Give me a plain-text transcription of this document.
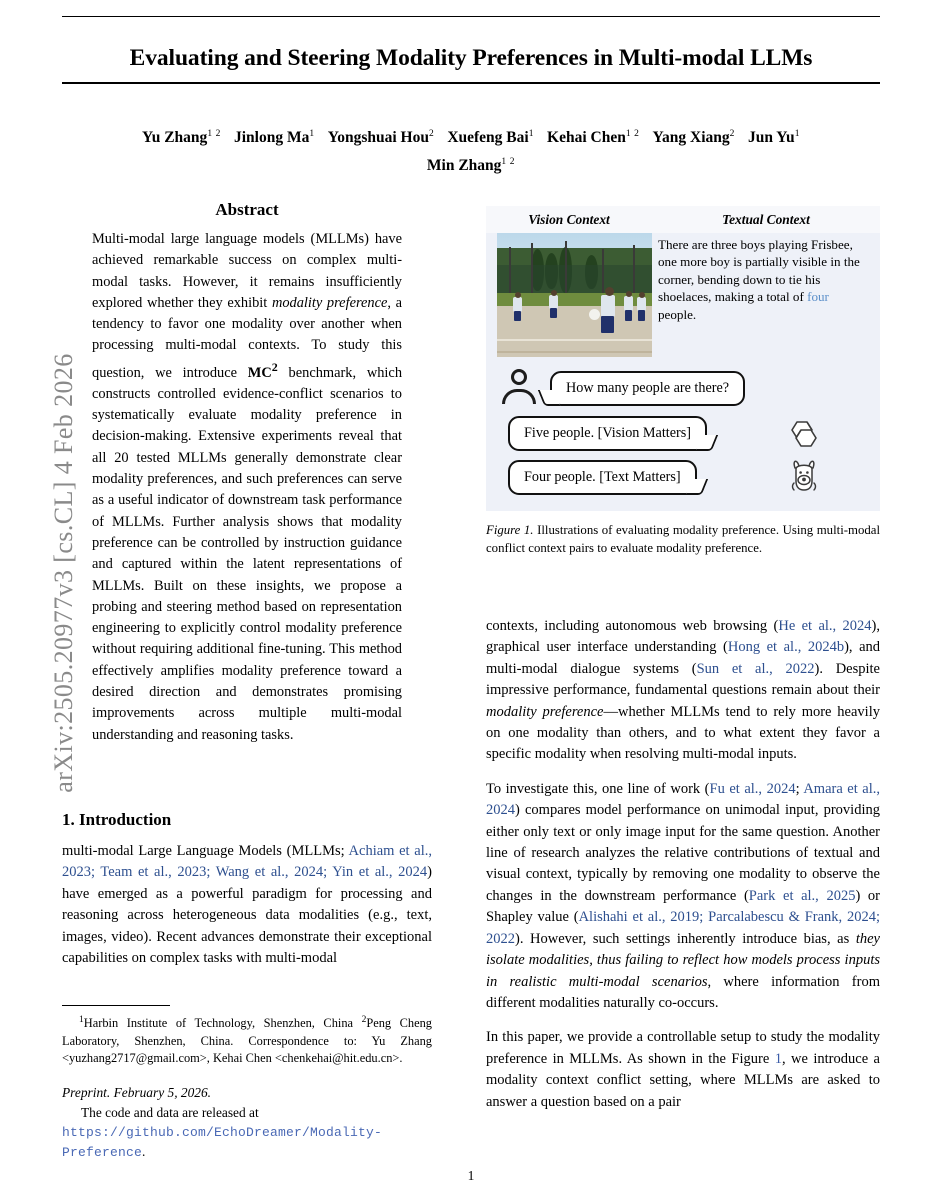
arXiv:2505.20977v3 [cs.CL] 4 Feb 2026
Evaluating and Steering Modality Preferences in Multi-modal LLMs
Yu Zhang$^{1 2}$ Jinlong Ma$^1$ Yongshuai Hou$^2$ Xuefeng Bai$^1$ Kehai Chen$^{1 2}$ Yang Xiang$^2$ Jun Yu$^1$
Min Zhang$^{1 2}$
Abstract
Multi-modal large language models (MLLMs) have achieved remarkable success on complex multi-modal tasks. However, it remains insufficiently explored whether they exhibit modality preference, a tendency to favor one modality over another when processing multi-modal contexts. To study this question, we introduce $MC^2$ benchmark, which constructs controlled evidence-conflict scenarios to systematically evaluate modality preference in decision-making. Extensive experiments reveal that all 20 tested MLLMs generally demonstrate clear modality preferences, and such preferences can serve as a useful indicator of downstream task performance of MLLMs. Further analysis shows that modality preference can be controlled by instruction guidance and captured within the latent representations of MLLMs. Built on these insights, we propose a probing and steering method based on representation engineering to explicitly control modality preference without requiring additional fine-tuning. This method effectively amplifies modality preference toward a desired direction and demonstrates promising improvements across multiple multi-modal understanding and reasoning tasks.
1. Introduction

multi-modal Large Language Models (MLLMs; Achiam et al., 2023; Team et al., 2023; Wang et al., 2024; Yin et al., 2024) have emerged as a powerful paradigm for processing and reasoning across heterogeneous data modalities (e.g., text, images, video). Recent advances demonstrate their exceptional capabilities on complex tasks with multi-modal

$^1$Harbin Institute of Technology, Shenzhen, China $^2$Peng Cheng Laboratory, Shenzhen, China. Correspondence to: Yu Zhang <yuzhang2717@gmail.com>, Kehai Chen <chenkehai@hit.edu.cn>.
Preprint. February 5, 2026.
The code and data are released at https://github.com/EchoDreamer/Modality-Preference.
Vision Context	Textual Context
There are three boys playing Frisbee, one more boy is partially visible in the corner, bending down to tie his shoelaces, making a total of four people.
How many people are there?
Five people. [Vision Matters]
Four people. [Text Matters]
Figure 1. Illustrations of evaluating modality preference. Using multi-modal conflict context pairs to evaluate modality preference.

contexts, including autonomous web browsing (He et al., 2024), graphical user interface understanding (Hong et al., 2024b), and multi-modal dialogue systems (Sun et al., 2022). Despite impressive performance, fundamental questions remain about their modality preference—whether MLLMs tend to rely more heavily on one modality than others, and to what extent they favor a specific modality when resolving multi-modal inputs.

To investigate this, one line of work (Fu et al., 2024; Amara et al., 2024) compares model performance on unimodal input, providing either only text or only image input for the same question. Another line of research analyzes the relative contributions of textual and visual context, typically by removing one modality to observe the changes in the downstream performance (Park et al., 2025) or Shapley value (Alishahi et al., 2019; Parcalabescu & Frank, 2024; 2022). However, such settings inherently introduce bias, as they isolate modalities, thus failing to reflect how models process inputs in realistic multi-modal scenarios, where information from different modalities naturally co-occurs.

In this paper, we provide a controllable setup to study the modality preference in MLLMs. As shown in the Figure 1, we introduce a modality context conflict setting, where MLLMs are asked to answer a question based on a pair

1
